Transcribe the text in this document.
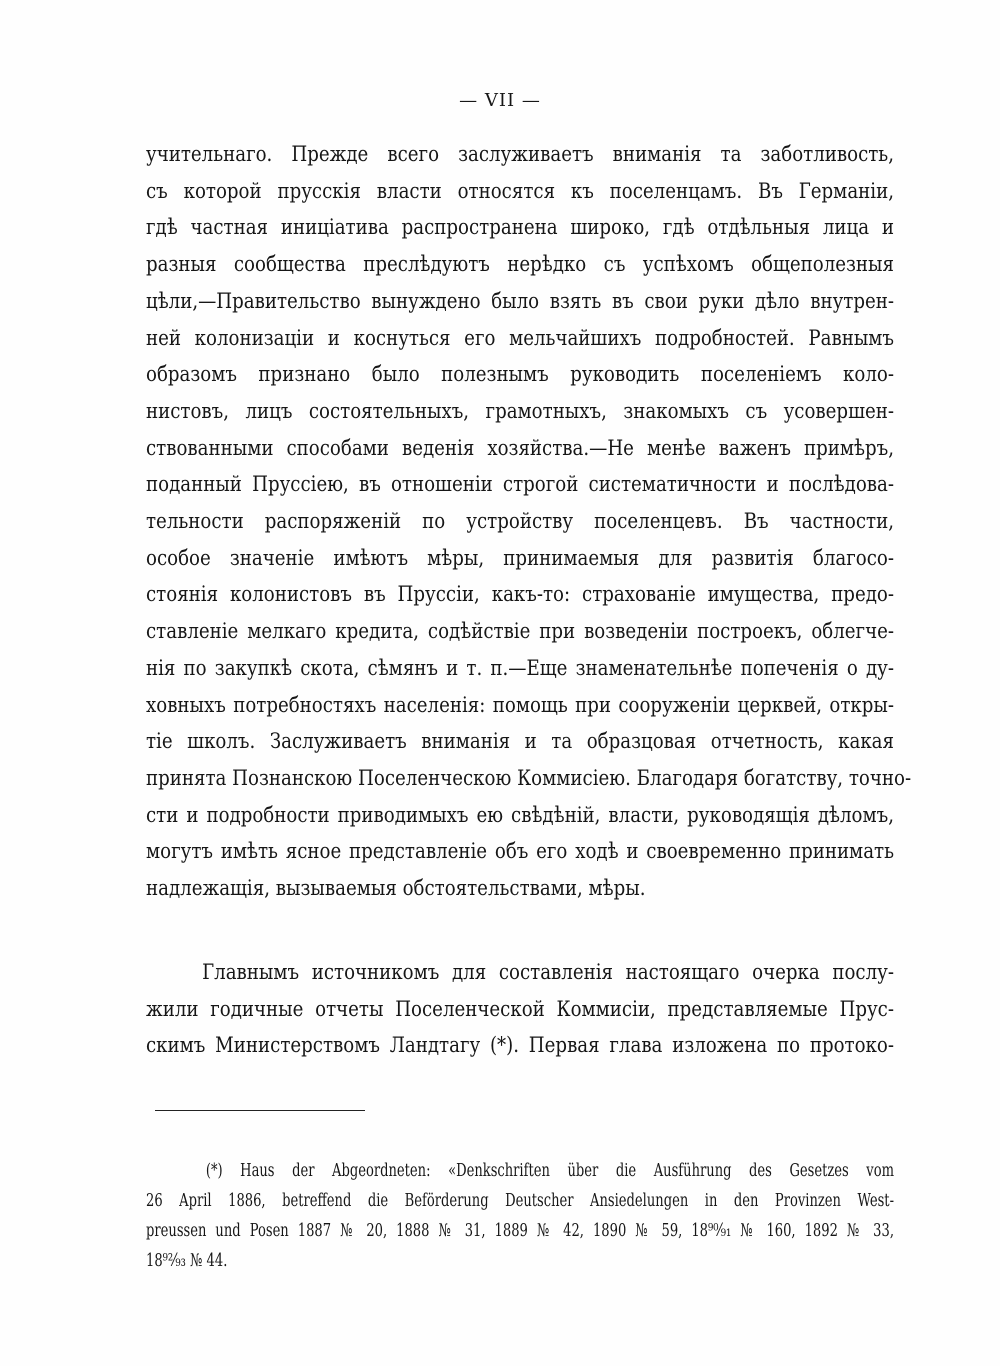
— VII —

учительнаго. Прежде всего заслуживаетъ вниманія та заботливость,
съ которой прусскія власти относятся къ поселенцамъ. Въ Германіи,
гдѣ частная иниціатива распространена широко, гдѣ отдѣльныя лица и
разныя сообщества преслѣдуютъ нерѣдко съ успѣхомъ общеполезныя
цѣли,—Правительство вынуждено было взять въ свои руки дѣло внутрен-
ней колонизаціи и коснуться его мельчайшихъ подробностей. Равнымъ
образомъ признано было полезнымъ руководить поселеніемъ коло-
нистовъ, лицъ состоятельныхъ, грамотныхъ, знакомыхъ съ усовершен-
ствованными способами веденія хозяйства.—Не менѣе важенъ примѣръ,
поданный Пруссіею, въ отношеніи строгой систематичности и послѣдова-
тельности распоряженій по устройству поселенцевъ. Въ частности,
особое значеніе имѣютъ мѣры, принимаемыя для развитія благосо-
стоянія колонистовъ въ Пруссіи, какъ-то: страхованіе имущества, предо-
ставленіе мелкаго кредита, содѣйствіе при возведеніи построекъ, облегче-
нія по закупкѣ скота, сѣмянъ и т. п.—Еще знаменательнѣе попеченія о ду-
ховныхъ потребностяхъ населенія: помощь при сооруженіи церквей, откры-
тіе школъ. Заслуживаетъ вниманія и та образцовая отчетность, какая
принята Познанскою Поселенческою Коммисіею. Благодаря богатству, точно-
сти и подробности приводимыхъ ею свѣдѣній, власти, руководящія дѣломъ,
могутъ имѣть ясное представленіе объ его ходѣ и своевременно принимать
надлежащія, вызываемыя обстоятельствами, мѣры.

Главнымъ источникомъ для составленія настоящаго очерка послу-
жили годичные отчеты Поселенческой Коммисіи, представляемые Прус-
скимъ Министерствомъ Ландтагу (*). Первая глава изложена по протоко-

(*) Haus der Abgeordneten: «Denkschriften über die Ausführung des Gesetzes vom
26 April 1886, betreffend die Beförderung Deutscher Ansiedelungen in den Provinzen West-
preussen und Posen 1887 № 20, 1888 № 31, 1889 № 42, 1890 № 59, 18⁹⁰⁄₉₁ № 160, 1892 № 33,
18⁹²⁄₉₃ № 44.
